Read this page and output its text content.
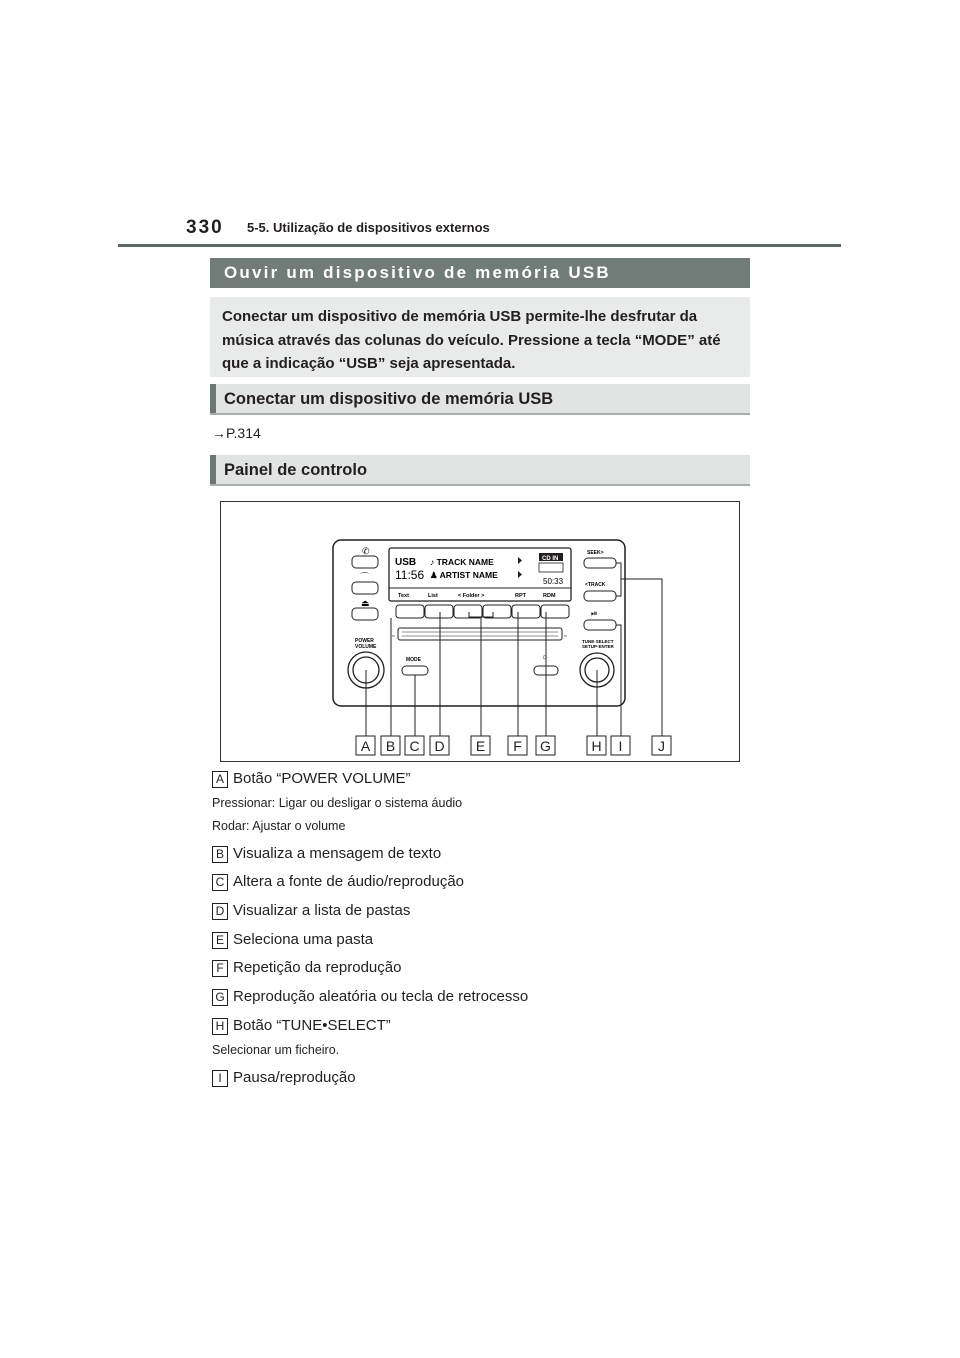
330 5-5. Utilização de dispositivos externos
Ouvir um dispositivo de memória USB
Conectar um dispositivo de memória USB permite-lhe desfrutar da música através das colunas do veículo. Pressione a tecla “MODE” até que a indicação “USB” seja apresentada.
Conectar um dispositivo de memória USB
→P.314
Painel de controlo
USB
11:56
♪ TRACK NAME
♟ ARTIST NAME
CD IN
50:33
Text	List	< Folder >	RPT	RDM
▫	▫
✆
⌒
⏏
POWER
VOLUME
MODE	☼
SEEK>
<TRACK
⏯
TUNE·SELECT
SETUP·ENTER
A B C D E F G	H I	J
A Botão “POWER VOLUME”
Pressionar: Ligar ou desligar o sistema áudio
Rodar: Ajustar o volume
B Visualiza a mensagem de texto
C Altera a fonte de áudio/reprodução
D Visualizar a lista de pastas
E Seleciona uma pasta
F Repetição da reprodução
G Reprodução aleatória ou tecla de retrocesso
H Botão “TUNE•SELECT”
Selecionar um ficheiro.
I Pausa/reprodução
